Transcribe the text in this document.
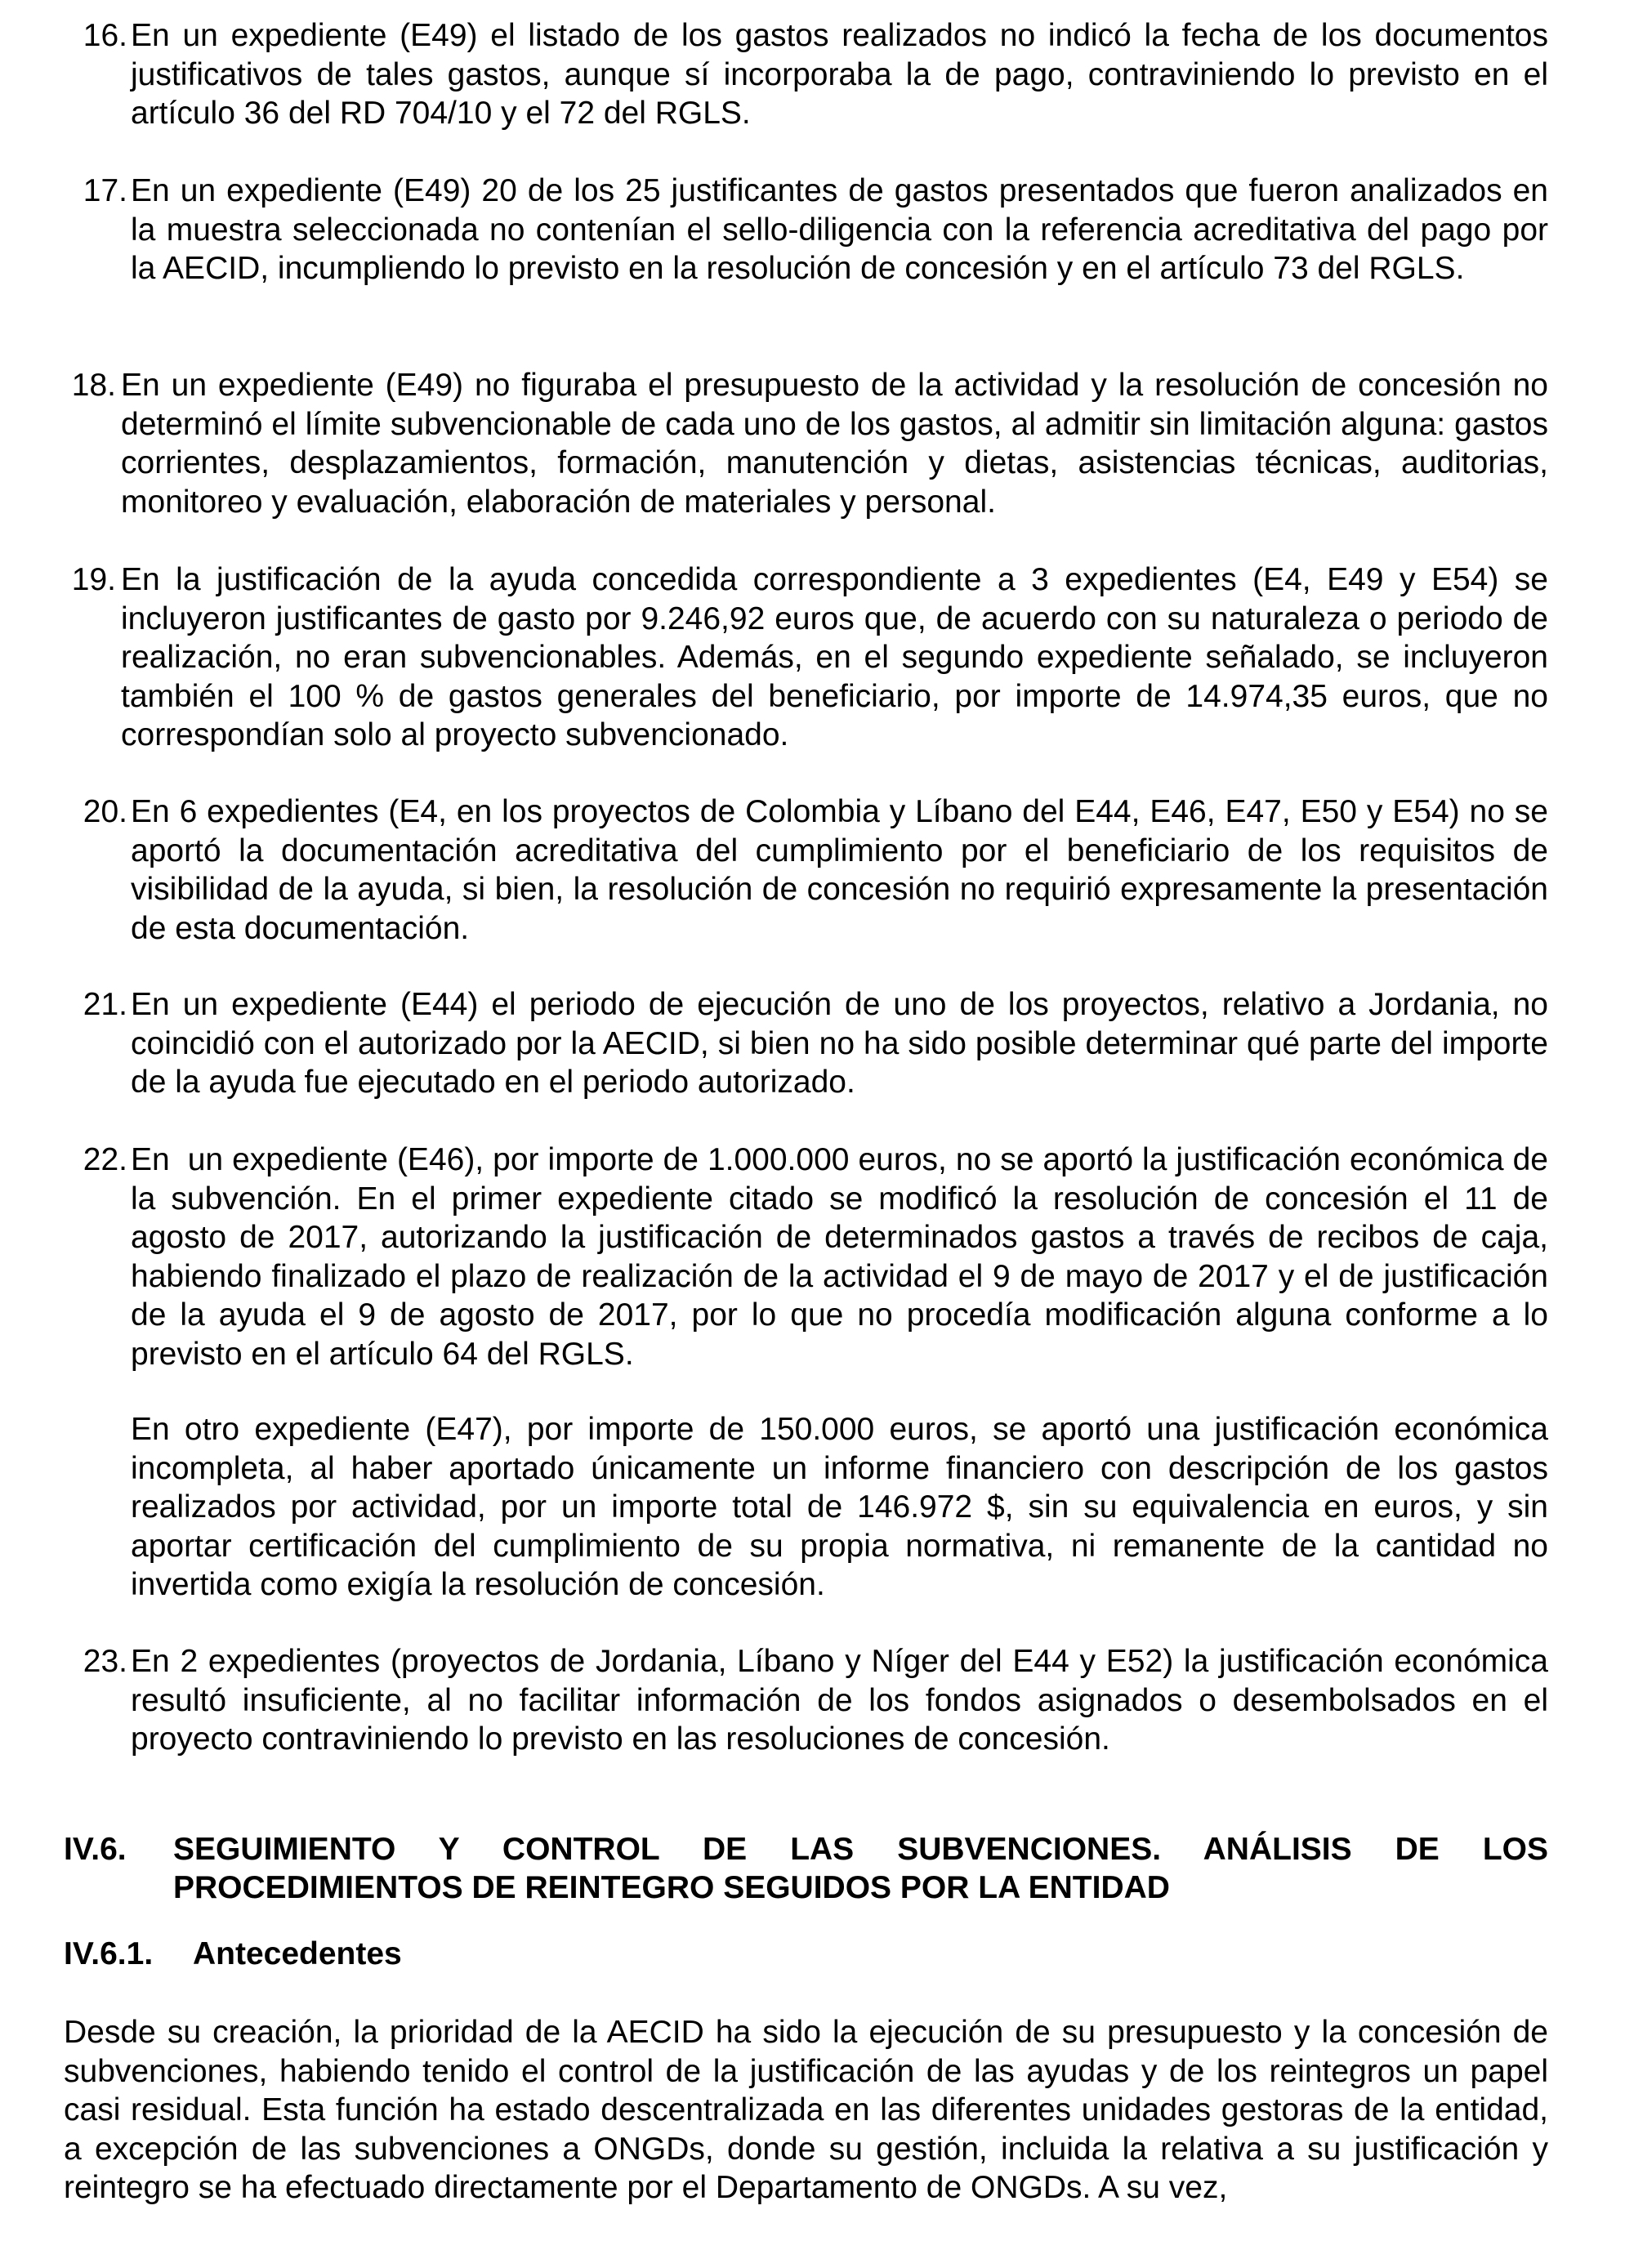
16. En un expediente (E49) el listado de los gastos realizados no indicó la fecha de los documentos justificativos de tales gastos, aunque sí incorporaba la de pago, contraviniendo lo previsto en el artículo 36 del RD 704/10 y el 72 del RGLS.
17. En un expediente (E49) 20 de los 25 justificantes de gastos presentados que fueron analizados en la muestra seleccionada no contenían el sello-diligencia con la referencia acreditativa del pago por la AECID, incumpliendo lo previsto en la resolución de concesión y en el artículo 73 del RGLS.
18. En un expediente (E49) no figuraba el presupuesto de la actividad y la resolución de concesión no determinó el límite subvencionable de cada uno de los gastos, al admitir sin limitación alguna: gastos corrientes, desplazamientos, formación, manutención y dietas, asistencias técnicas, auditorias, monitoreo y evaluación, elaboración de materiales y personal.
19. En la justificación de la ayuda concedida correspondiente a 3 expedientes (E4, E49 y E54) se incluyeron justificantes de gasto por 9.246,92 euros que, de acuerdo con su naturaleza o periodo de realización, no eran subvencionables. Además, en el segundo expediente señalado, se incluyeron también el 100 % de gastos generales del beneficiario, por importe de 14.974,35 euros, que no correspondían solo al proyecto subvencionado.
20. En 6 expedientes (E4, en los proyectos de Colombia y Líbano del E44, E46, E47, E50 y E54) no se aportó la documentación acreditativa del cumplimiento por el beneficiario de los requisitos de visibilidad de la ayuda, si bien, la resolución de concesión no requirió expresamente la presentación de esta documentación.
21. En un expediente (E44) el periodo de ejecución de uno de los proyectos, relativo a Jordania, no coincidió con el autorizado por la AECID, si bien no ha sido posible determinar qué parte del importe de la ayuda fue ejecutado en el periodo autorizado.
22. En  un expediente (E46), por importe de 1.000.000 euros, no se aportó la justificación económica de la subvención. En el primer expediente citado se modificó la resolución de concesión el 11 de agosto de 2017, autorizando la justificación de determinados gastos a través de recibos de caja, habiendo finalizado el plazo de realización de la actividad el 9 de mayo de 2017 y el de justificación de la ayuda el 9 de agosto de 2017, por lo que no procedía modificación alguna conforme a lo previsto en el artículo 64 del RGLS.
En otro expediente (E47), por importe de 150.000 euros, se aportó una justificación económica incompleta, al haber aportado únicamente un informe financiero con descripción de los gastos realizados por actividad, por un importe total de 146.972 $, sin su equivalencia en euros, y sin aportar certificación del cumplimiento de su propia normativa, ni remanente de la cantidad no invertida como exigía la resolución de concesión.
23. En 2 expedientes (proyectos de Jordania, Líbano y Níger del E44 y E52) la justificación económica resultó insuficiente, al no facilitar información de los fondos asignados o desembolsados en el proyecto contraviniendo lo previsto en las resoluciones de concesión.
IV.6. SEGUIMIENTO Y CONTROL DE LAS SUBVENCIONES. ANÁLISIS DE LOS PROCEDIMIENTOS DE REINTEGRO SEGUIDOS POR LA ENTIDAD
IV.6.1. Antecedentes
Desde su creación, la prioridad de la AECID ha sido la ejecución de su presupuesto y la concesión de subvenciones, habiendo tenido el control de la justificación de las ayudas y de los reintegros un papel casi residual. Esta función ha estado descentralizada en las diferentes unidades gestoras de la entidad, a excepción de las subvenciones a ONGDs, donde su gestión, incluida la relativa a su justificación y reintegro se ha efectuado directamente por el Departamento de ONGDs. A su vez,
